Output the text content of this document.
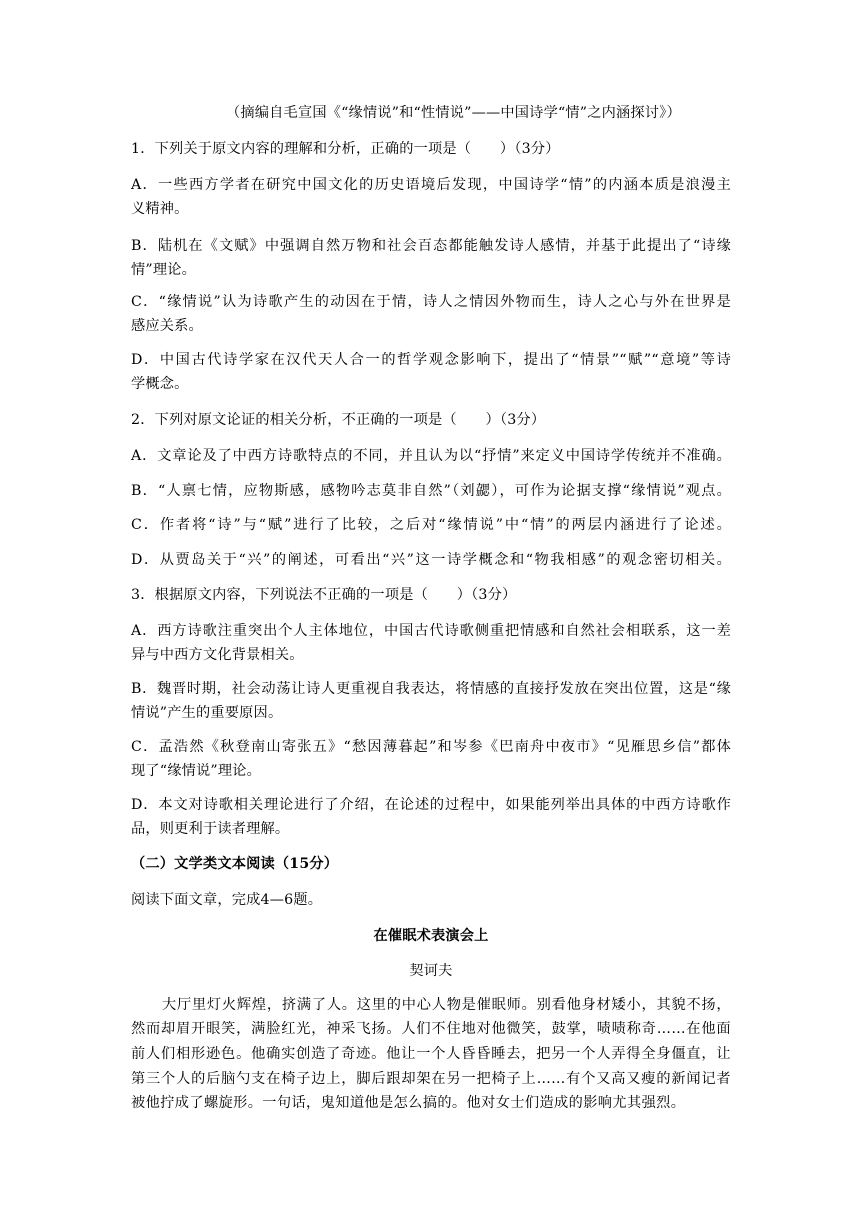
（摘编自毛宣国《“缘情说”和“性情说”——中国诗学“情”之内涵探讨》）
1．下列关于原文内容的理解和分析，正确的一项是（　　）（3分）
A．一些西方学者在研究中国文化的历史语境后发现，中国诗学“情”的内涵本质是浪漫主
义精神。
B．陆机在《文赋》中强调自然万物和社会百态都能触发诗人感情，并基于此提出了“诗缘
情”理论。
C．“缘情说”认为诗歌产生的动因在于情，诗人之情因外物而生，诗人之心与外在世界是
感应关系。
D．中国古代诗学家在汉代天人合一的哲学观念影响下，提出了“情景”“赋”“意境”等诗
学概念。
2．下列对原文论证的相关分析，不正确的一项是（　　）（3分）
A．文章论及了中西方诗歌特点的不同，并且认为以“抒情”来定义中国诗学传统并不准确。
B．“人禀七情，应物斯感，感物吟志莫非自然”（刘勰），可作为论据支撑“缘情说”观点。
C．作者将“诗”与“赋”进行了比较，之后对“缘情说”中“情”的两层内涵进行了论述。
D．从贾岛关于“兴”的阐述，可看出“兴”这一诗学概念和“物我相感”的观念密切相关。
3．根据原文内容，下列说法不正确的一项是（　　）（3分）
A．西方诗歌注重突出个人主体地位，中国古代诗歌侧重把情感和自然社会相联系，这一差
异与中西方文化背景相关。
B．魏晋时期，社会动荡让诗人更重视自我表达，将情感的直接抒发放在突出位置，这是“缘
情说”产生的重要原因。
C．孟浩然《秋登南山寄张五》“愁因薄暮起”和岑参《巴南舟中夜市》“见雁思乡信”都体
现了“缘情说”理论。
D．本文对诗歌相关理论进行了介绍，在论述的过程中，如果能列举出具体的中西方诗歌作
品，则更利于读者理解。
（二）文学类文本阅读（15分）
阅读下面文章，完成4—6题。
在催眠术表演会上
契诃夫
大厅里灯火辉煌，挤满了人。这里的中心人物是催眠师。别看他身材矮小，其貌不扬，
然而却眉开眼笑，满脸红光，神采飞扬。人们不住地对他微笑，鼓掌，啧啧称奇……在他面
前人们相形逊色。他确实创造了奇迹。他让一个人昏昏睡去，把另一个人弄得全身僵直，让
第三个人的后脑勺支在椅子边上，脚后跟却架在另一把椅子上……有个又高又瘦的新闻记者
被他拧成了螺旋形。一句话，鬼知道他是怎么搞的。他对女士们造成的影响尤其强烈。
